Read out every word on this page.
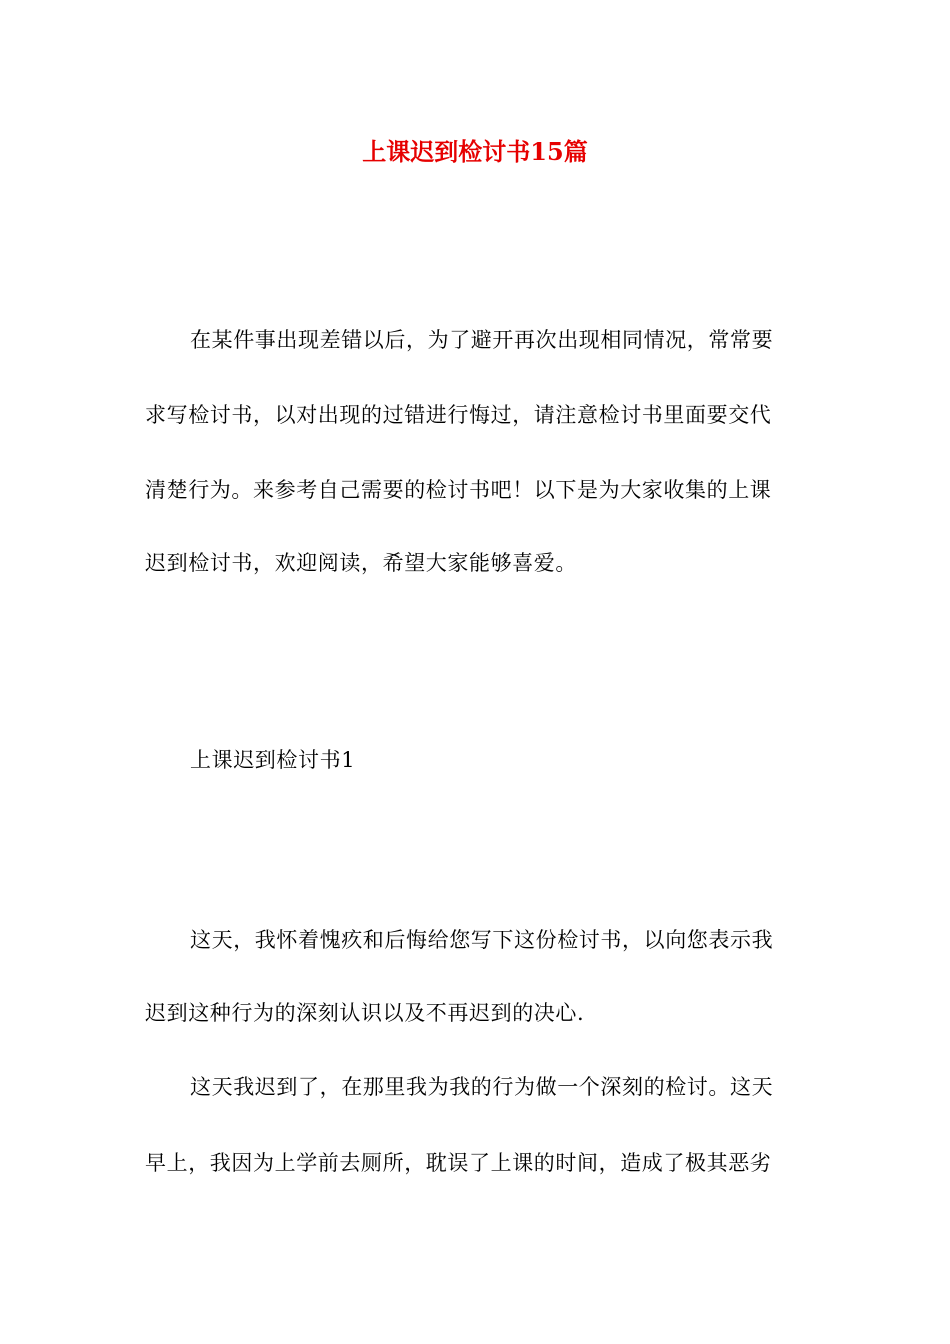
上课迟到检讨书15篇
在某件事出现差错以后，为了避开再次出现相同情况，常常要
求写检讨书，以对出现的过错进行悔过，请注意检讨书里面要交代
清楚行为。来参考自己需要的检讨书吧！以下是为大家收集的上课
迟到检讨书，欢迎阅读，希望大家能够喜爱。
上课迟到检讨书1
这天，我怀着愧疚和后悔给您写下这份检讨书，以向您表示我
迟到这种行为的深刻认识以及不再迟到的决心.
这天我迟到了，在那里我为我的行为做一个深刻的检讨。这天
早上，我因为上学前去厕所，耽误了上课的时间，造成了极其恶劣
